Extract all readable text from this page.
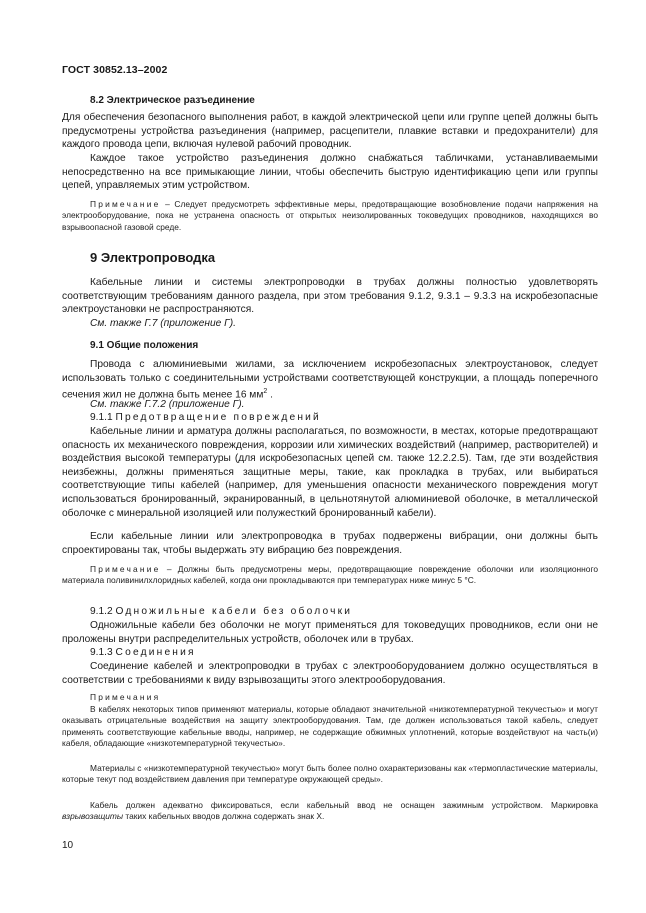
ГОСТ 30852.13–2002
8.2 Электрическое разъединение
Для обеспечения безопасного выполнения работ, в каждой электрической цепи или группе цепей должны быть предусмотрены устройства разъединения (например, расцепители, плавкие вставки и предохранители) для каждого провода цепи, включая нулевой рабочий проводник.
Каждое такое устройство разъединения должно снабжаться табличками, устанавливаемыми непосредственно на все примыкающие линии, чтобы обеспечить быструю идентификацию цепи или группы цепей, управляемых этим устройством.
Примечание – Следует предусмотреть эффективные меры, предотвращающие возобновление подачи напряжения на электрооборудование, пока не устранена опасность от открытых неизолированных токоведущих проводников, находящихся во взрывоопасной газовой среде.
9 Электропроводка
Кабельные линии и системы электропроводки в трубах должны полностью удовлетворять соответствующим требованиям данного раздела, при этом требования 9.1.2, 9.3.1 – 9.3.3 на искробезопасные электроустановки не распространяются.
См. также Г.7 (приложение Г).
9.1 Общие положения
Провода с алюминиевыми жилами, за исключением искробезопасных электроустановок, следует использовать только с соединительными устройствами соответствующей конструкции, а площадь поперечного сечения жил не должна быть менее 16 $мм^2$ .
См. также Г.7.2 (приложение Г).
9.1.1 Предотвращение повреждений
Кабельные линии и арматура должны располагаться, по возможности, в местах, которые предотвращают опасность их механического повреждения, коррозии или химических воздействий (например, растворителей) и воздействия высокой температуры (для искробезопасных цепей см. также 12.2.2.5). Там, где эти воздействия неизбежны, должны применяться защитные меры, такие, как прокладка в трубах, или выбираться соответствующие типы кабелей (например, для уменьшения опасности механического повреждения могут использоваться бронированный, экранированный, в цельнотянутой алюминиевой оболочке, в металлической оболочке с минеральной изоляцией или полужесткий бронированный кабели).
Если кабельные линии или электропроводка в трубах подвержены вибрации, они должны быть спроектированы так, чтобы выдержать эту вибрацию без повреждения.
Примечание – Должны быть предусмотрены меры, предотвращающие повреждение оболочки или изоляционного материала поливинилхлоридных кабелей, когда они прокладываются при температурах ниже минус 5 °С.
9.1.2 Одножильные кабели без оболочки
Одножильные кабели без оболочки не могут применяться для токоведущих проводников, если они не проложены внутри распределительных устройств, оболочек или в трубах.
9.1.3 Соединения
Соединение кабелей и электропроводки в трубах с электрооборудованием должно осуществляться в соответствии с требованиями к виду взрывозащиты этого электрооборудования.
Примечания
В кабелях некоторых типов применяют материалы, которые обладают значительной «низкотемпературной текучестью» и могут оказывать отрицательные воздействия на защиту электрооборудования. Там, где должен использоваться такой кабель, следует применять соответствующие кабельные вводы, например, не содержащие обжимных уплотнений, которые воздействуют на часть(и) кабеля, обладающие «низкотемпературной текучестью».
Материалы с «низкотемпературной текучестью» могут быть более полно охарактеризованы как «термопластические материалы, которые текут под воздействием давления при температуре окружающей среды».
Кабель должен адекватно фиксироваться, если кабельный ввод не оснащен зажимным устройством. Маркировка взрывозащиты таких кабельных вводов должна содержать знак Х.
10
